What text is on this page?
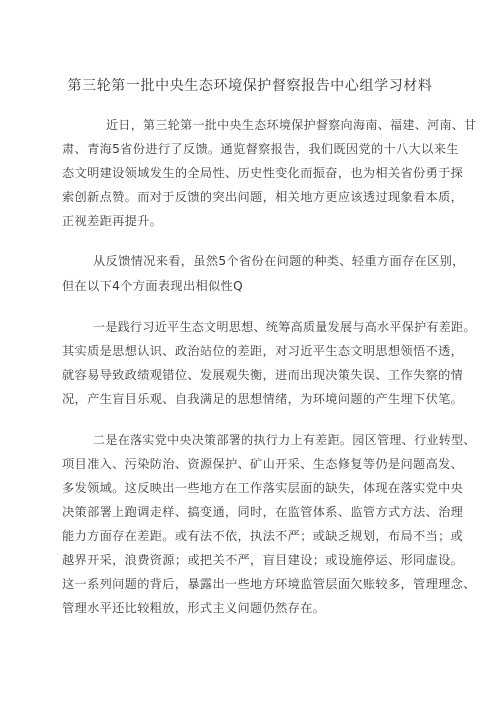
第三轮第一批中央生态环境保护督察报告中心组学习材料
近日，第三轮第一批中央生态环境保护督察向海南、福建、河南、甘
肃、青海5省份进行了反馈。通览督察报告，我们既因党的十八大以来生
态文明建设领域发生的全局性、历史性变化而振奋，也为相关省份勇于探
索创新点赞。而对于反馈的突出问题，相关地方更应该透过现象看本质，
正视差距再提升。
从反馈情况来看，虽然5个省份在问题的种类、轻重方面存在区别，
但在以下4个方面表现出相似性Q
一是践行习近平生态文明思想、统筹高质量发展与高水平保护有差距。
其实质是思想认识、政治站位的差距，对习近平生态文明思想领悟不透，
就容易导致政绩观错位、发展观失衡，进而出现决策失误、工作失察的情
况，产生盲目乐观、自我满足的思想情绪，为环境问题的产生埋下伏笔。
二是在落实党中央决策部署的执行力上有差距。园区管理、行业转型、
项目准入、污染防治、资源保护、矿山开采、生态修复等仍是问题高发、
多发领域。这反映出一些地方在工作落实层面的缺失，体现在落实党中央
决策部署上跑调走样、搞变通，同时，在监管体系、监管方式方法、治理
能力方面存在差距。或有法不依，执法不严；或缺乏规划，布局不当；或
越界开采，浪费资源；或把关不严，盲目建设；或设施停运、形同虚设。
这一系列问题的背后，暴露出一些地方环境监管层面欠账较多，管理理念、
管理水平还比较粗放，形式主义问题仍然存在。
